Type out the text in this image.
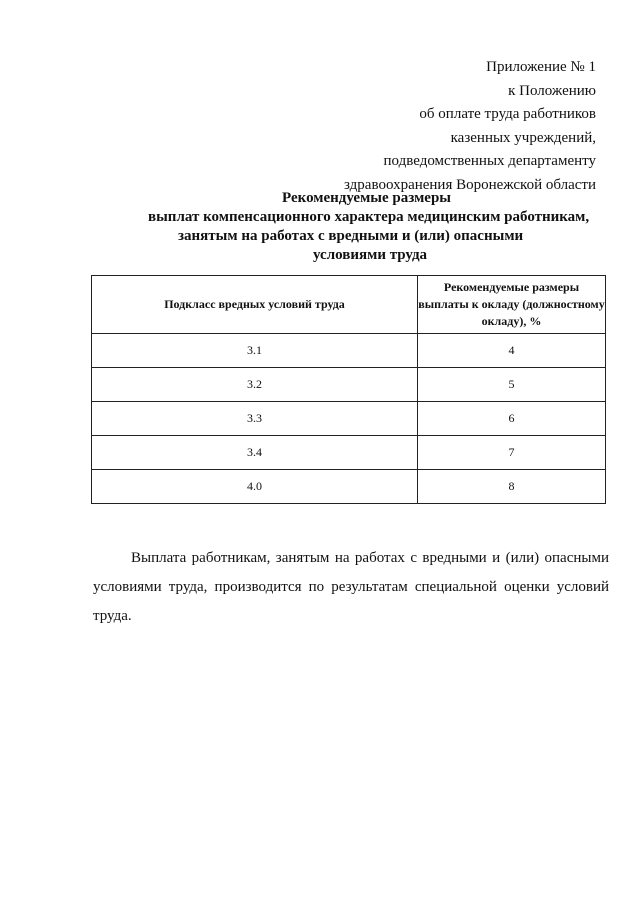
Приложение № 1
к Положению
об оплате труда работников
казенных учреждений,
подведомственных департаменту
здравоохранения Воронежской области
Рекомендуемые размеры
выплат компенсационного характера медицинским работникам,
занятым на работах с вредными и (или) опасными
условиями труда
Подкласс вредных условий труда	Рекомендуемые размеры выплаты к окладу (должностному окладу), %
3.1	4
3.2	5
3.3	6
3.4	7
4.0	8

Выплата работникам, занятым на работах с вредными и (или) опасными условиями труда, производится по результатам специальной оценки условий труда.
